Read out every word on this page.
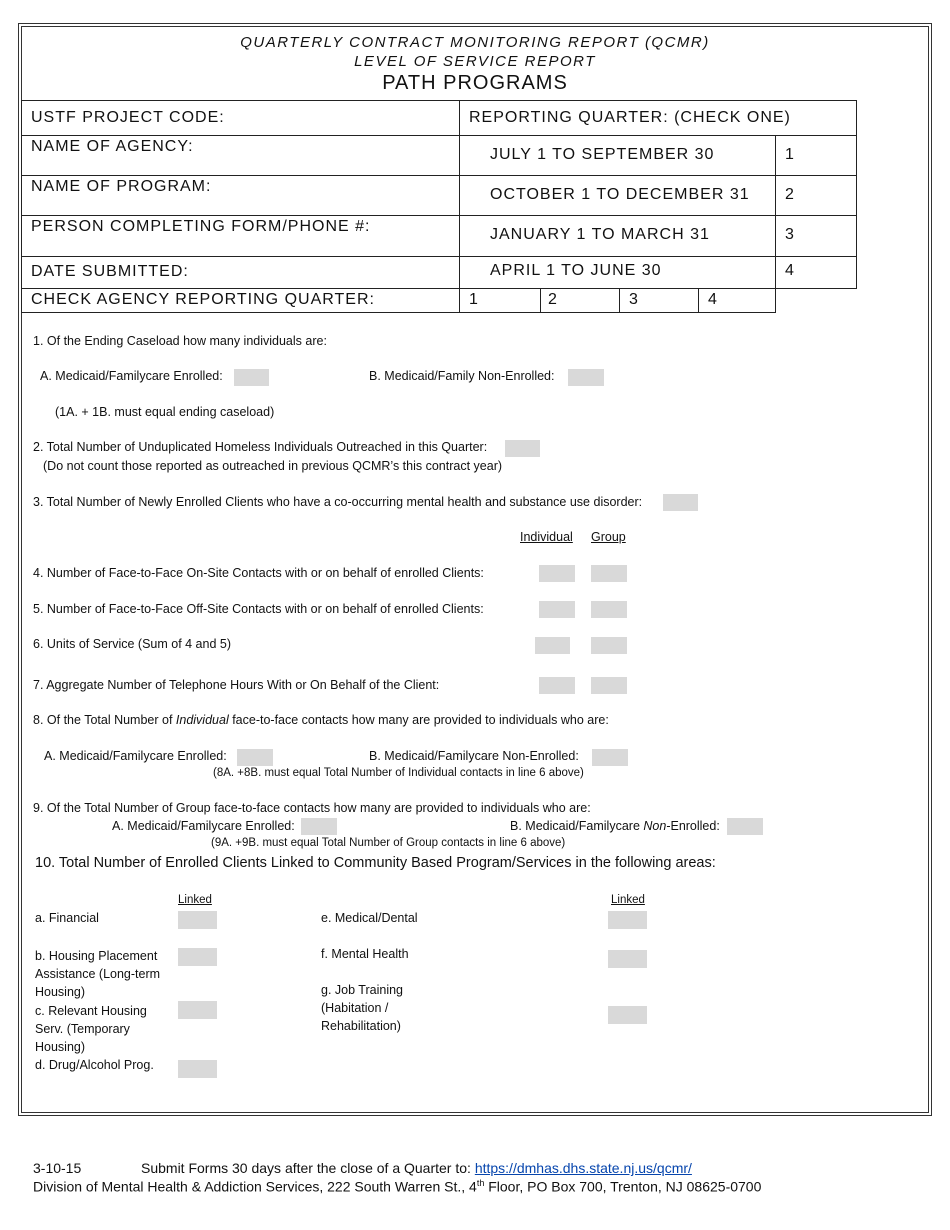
QUARTERLY CONTRACT MONITORING REPORT (QCMR)
LEVEL OF SERVICE REPORT
PATH PROGRAMS
USTF PROJECT CODE:
NAME OF AGENCY:
NAME OF PROGRAM:
PERSON COMPLETING FORM/PHONE #:
DATE SUBMITTED:
CHECK AGENCY REPORTING QUARTER:
REPORTING QUARTER: (CHECK ONE)
JULY 1 TO SEPTEMBER 30	1
OCTOBER 1 TO DECEMBER 31 2
JANUARY 1 TO MARCH 31	3
APRIL 1 TO JUNE 30	4
1	2	3	4
1. Of the Ending Caseload how many individuals are:
A. Medicaid/Familycare Enrolled:	B. Medicaid/Family Non-Enrolled:
(1A. + 1B. must equal ending caseload)
2. Total Number of Unduplicated Homeless Individuals Outreached in this Quarter:
(Do not count those reported as outreached in previous QCMR’s this contract year)
3. Total Number of Newly Enrolled Clients who have a co-occurring mental health and substance use disorder:
Individual Group
4. Number of Face-to-Face On-Site Contacts with or on behalf of enrolled Clients:
5. Number of Face-to-Face Off-Site Contacts with or on behalf of enrolled Clients:
6. Units of Service (Sum of 4 and 5)
7. Aggregate Number of Telephone Hours With or On Behalf of the Client:
8. Of the Total Number of Individual face-to-face contacts how many are provided to individuals who are:
A. Medicaid/Familycare Enrolled:	B. Medicaid/Familycare Non-Enrolled:
(8A. +8B. must equal Total Number of Individual contacts in line 6 above)
9. Of the Total Number of Group face-to-face contacts how many are provided to individuals who are:
A. Medicaid/Familycare Enrolled:	B. Medicaid/Familycare Non-Enrolled:
(9A. +9B. must equal Total Number of Group contacts in line 6 above)
10. Total Number of Enrolled Clients Linked to Community Based Program/Services in the following areas:
Linked	Linked
a. Financial
b. Housing Placement
Assistance (Long-term
Housing)
c. Relevant Housing
Serv. (Temporary
Housing)
d. Drug/Alcohol Prog.
e. Medical/Dental
f. Mental Health
g. Job Training
(Habitation /
Rehabilitation)
3-10-15	Submit Forms 30 days after the close of a Quarter to: https://dmhas.dhs.state.nj.us/qcmr/
Division of Mental Health & Addiction Services, 222 South Warren St., 4th Floor, PO Box 700, Trenton, NJ 08625-0700
